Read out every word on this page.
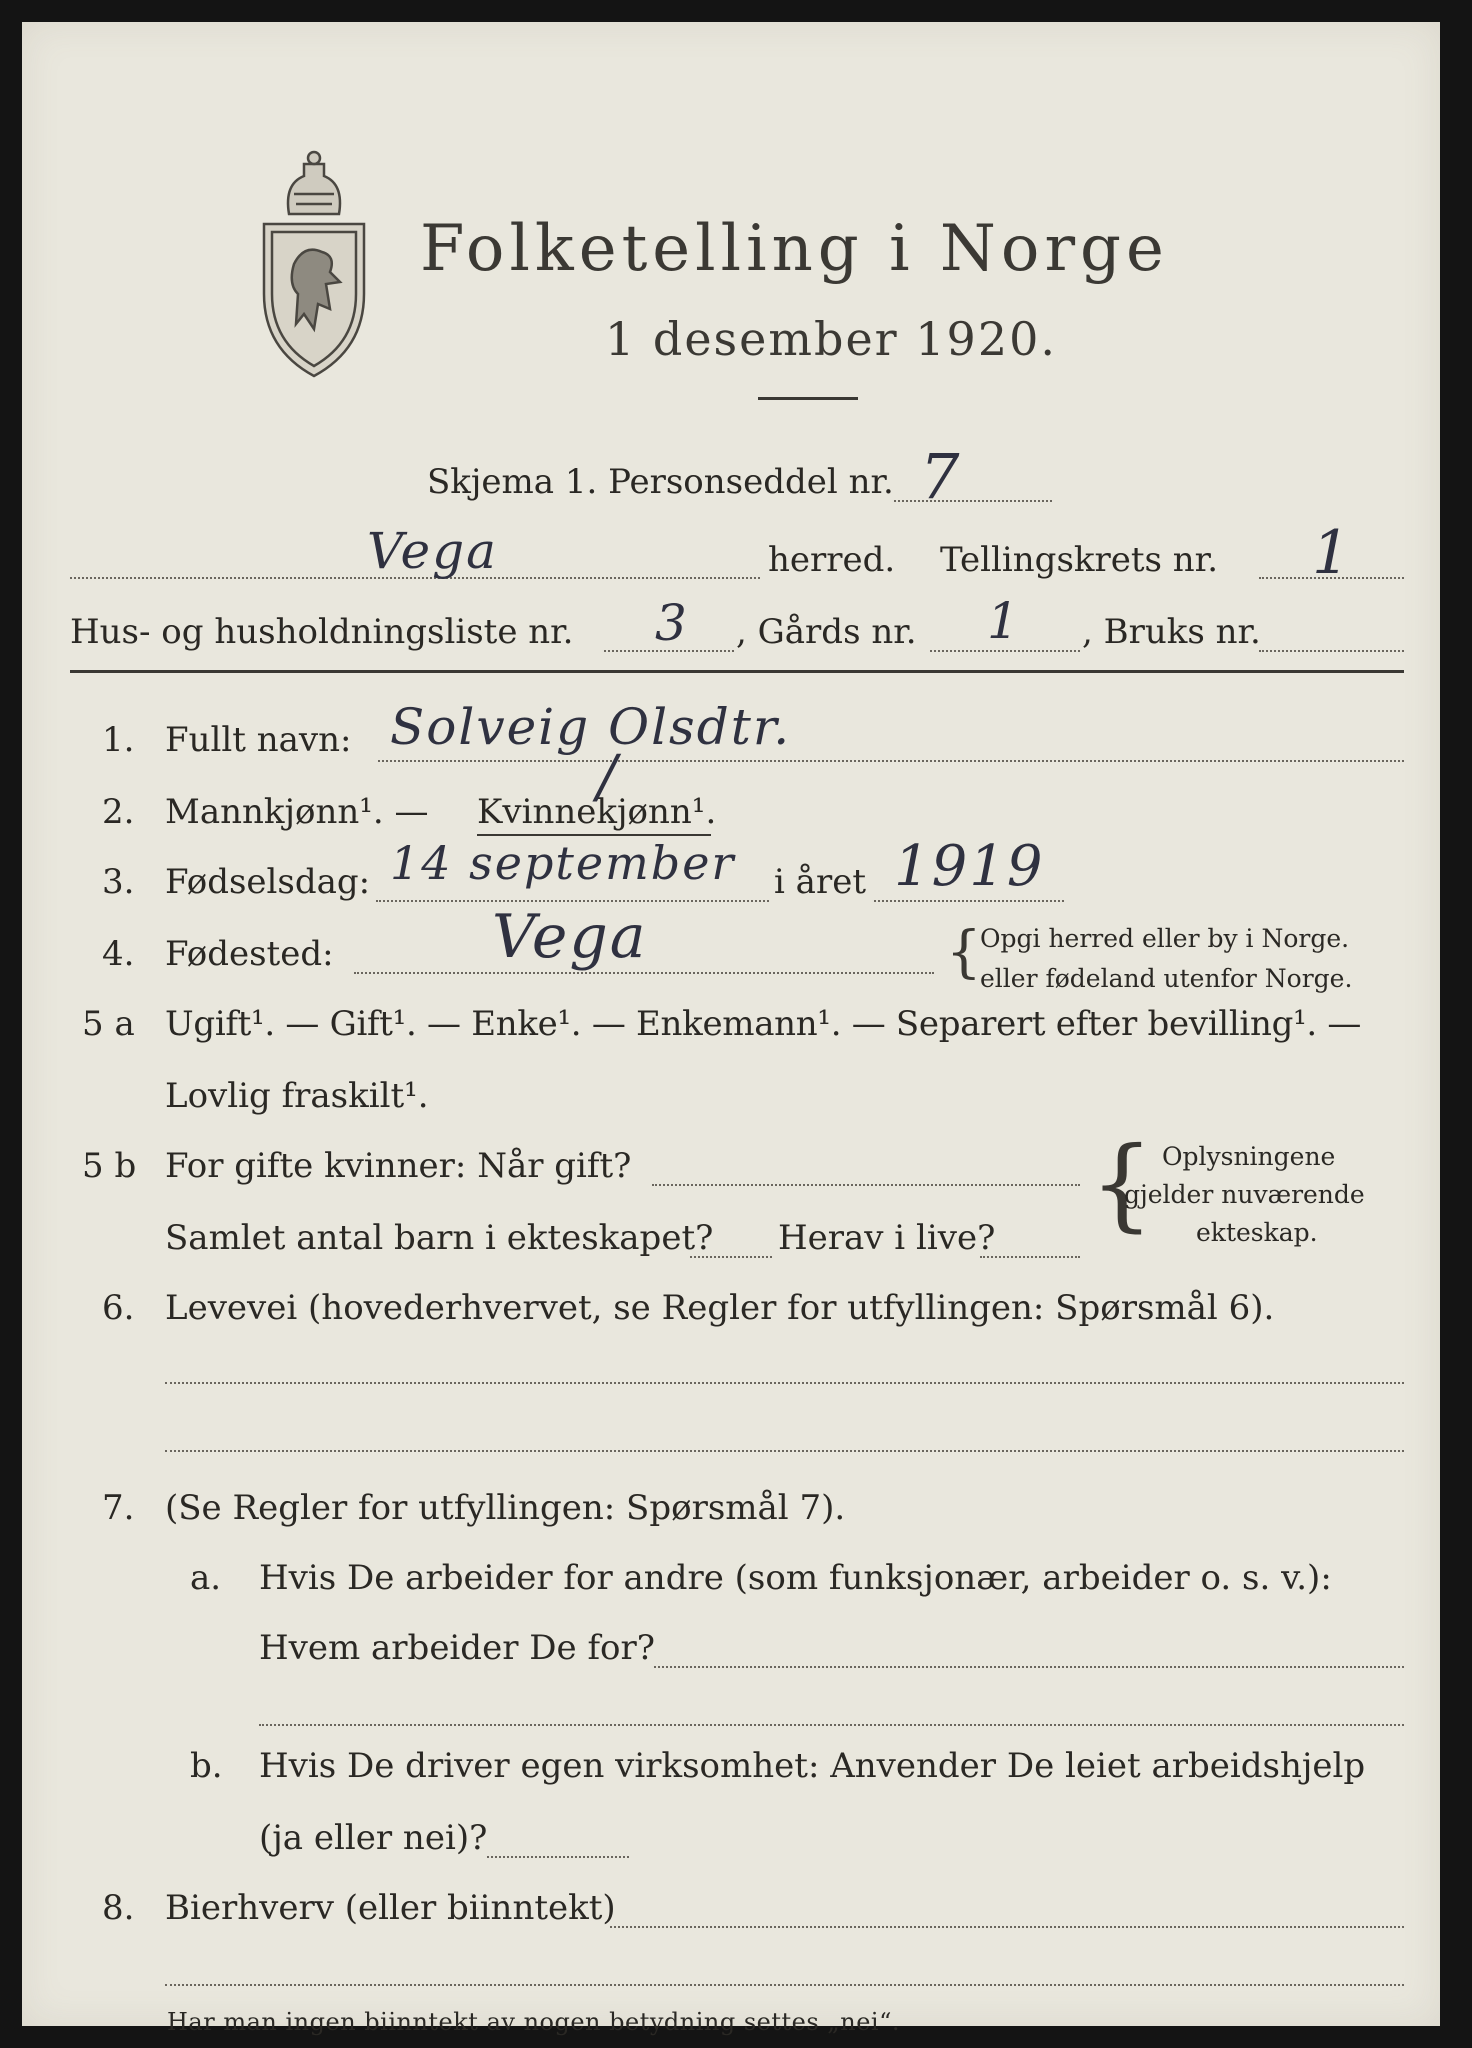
Folketelling i Norge
1 desember 1920.
Skjema 1. Personseddel nr. 7
Vega	herred. Tellingskrets nr. 1
Hus- og husholdningsliste nr. 3 , Gårds nr. 1 , Bruks nr.
1. Fullt navn: Solveig Olsdtr.
2. Mannkjønn¹. — Kvinnekjønn¹.
/
3. Fødselsdag: 14 september i året 1919
4. Fødested:	Vega	{
Opgi herred eller by i Norge.
eller fødeland utenfor Norge.
5 a Ugift¹. — Gift¹. — Enke¹. — Enkemann¹. — Separert efter bevilling¹. —
Lovlig fraskilt¹.
5 b For gifte kvinner: Når gift?
Samlet antal barn i ekteskapet? Herav i live? { Oplysningene
gjelder nuværende
ekteskap.
6. Levevei (hovederhvervet, se Regler for utfyllingen: Spørsmål 6).
7. (Se Regler for utfyllingen: Spørsmål 7).
a. Hvis De arbeider for andre (som funksjonær, arbeider o. s. v.):
Hvem arbeider De for?
b. Hvis De driver egen virksomhet: Anvender De leiet arbeidshjelp
(ja eller nei)?
8. Bierhverv (eller biinntekt)
Har man ingen biinntekt av nogen betydning settes „nei“.
